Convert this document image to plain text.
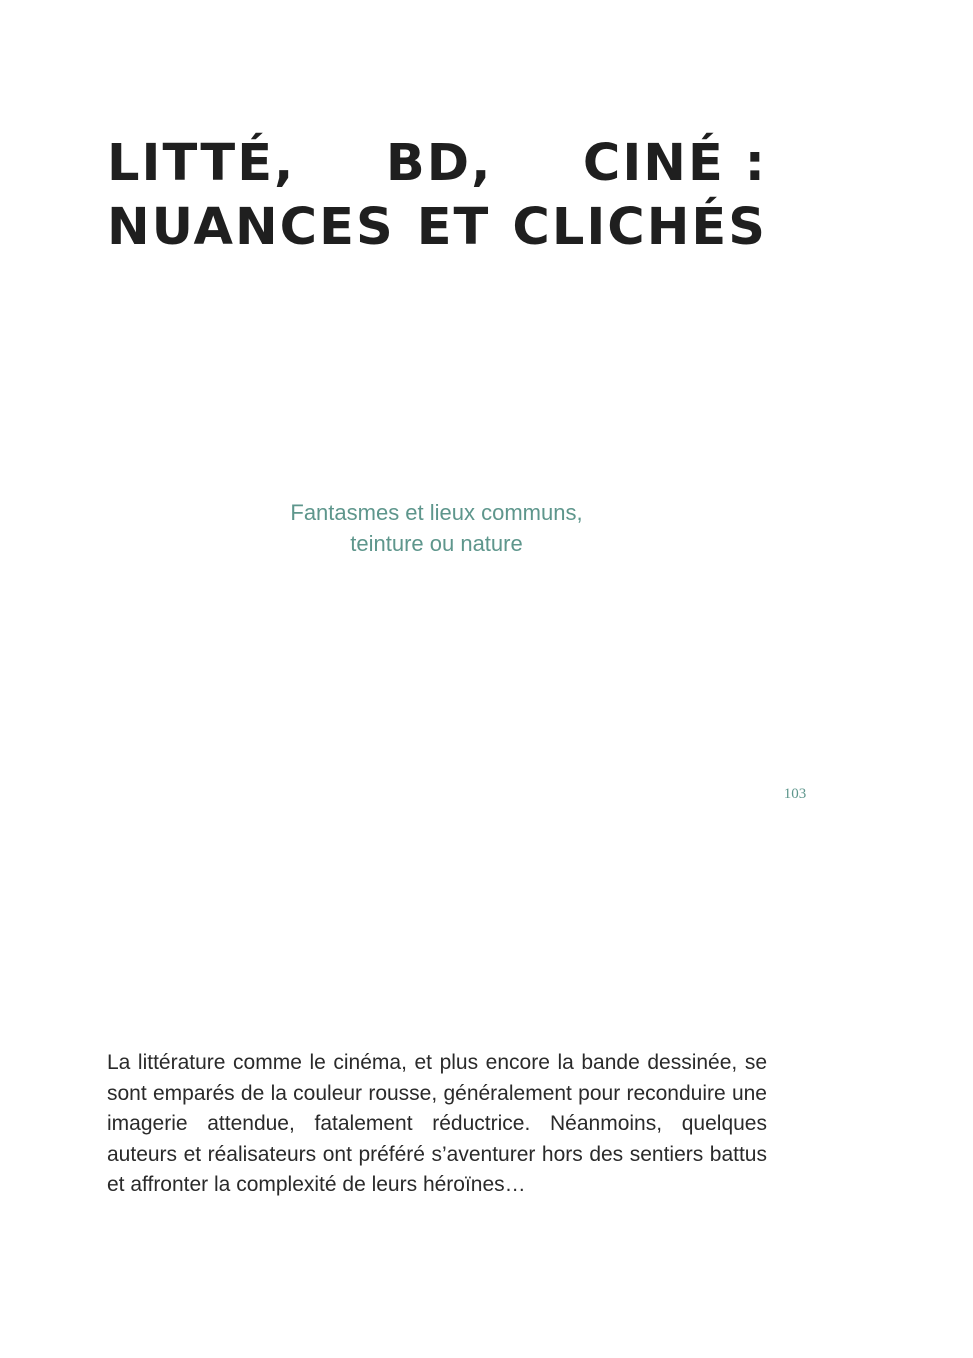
LITTÉ, BD, CINÉ :
NUANCES ET CLICHÉS

Fantasmes et lieux communs,
teinture ou nature

103

La littérature comme le cinéma, et plus encore la bande dessinée, se sont emparés de la couleur rousse, généralement pour reconduire une imagerie attendue, fatalement réductrice. Néanmoins, quelques auteurs et réalisateurs ont préféré s’aventurer hors des sentiers battus et affronter la complexité de leurs héroïnes…
